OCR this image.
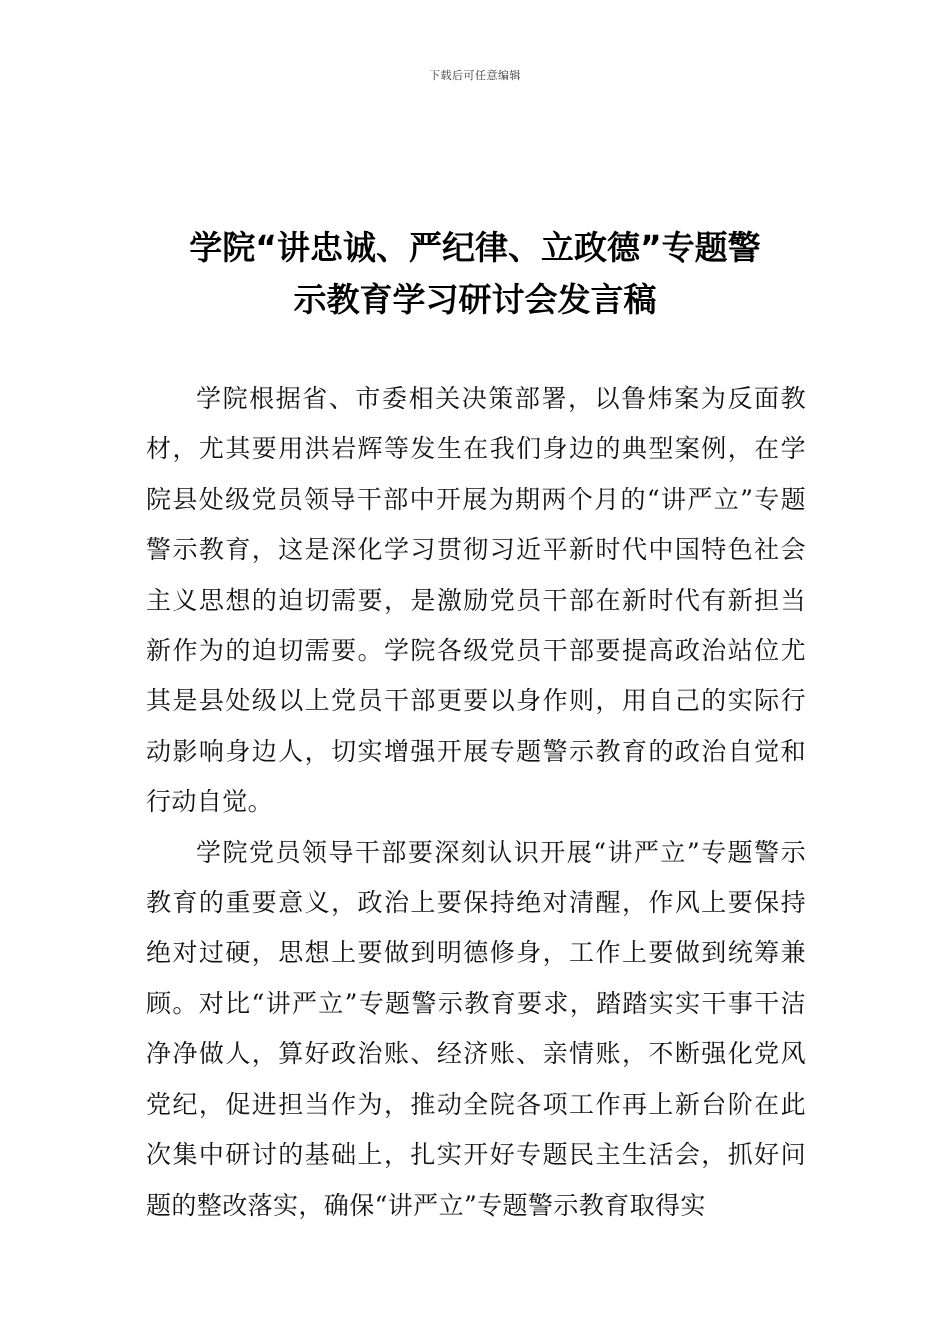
下载后可任意编辑
学院“讲忠诚、严纪律、立政德”专题警
示教育学习研讨会发言稿

学院根据省、市委相关决策部署，以鲁炜案为反面教材，尤其要用洪岩辉等发生在我们身边的典型案例，在学院县处级党员领导干部中开展为期两个月的“讲严立”专题警示教育，这是深化学习贯彻习近平新时代中国特色社会主义思想的迫切需要，是激励党员干部在新时代有新担当新作为的迫切需要。学院各级党员干部要提高政治站位尤其是县处级以上党员干部更要以身作则，用自己的实际行动影响身边人，切实增强开展专题警示教育的政治自觉和行动自觉。

学院党员领导干部要深刻认识开展“讲严立”专题警示教育的重要意义，政治上要保持绝对清醒，作风上要保持绝对过硬，思想上要做到明德修身，工作上要做到统筹兼顾。对比“讲严立”专题警示教育要求，踏踏实实干事干洁净净做人，算好政治账、经济账、亲情账，不断强化党风党纪，促进担当作为，推动全院各项工作再上新台阶在此次集中研讨的基础上，扎实开好专题民主生活会，抓好问题的整改落实，确保“讲严立”专题警示教育取得实
